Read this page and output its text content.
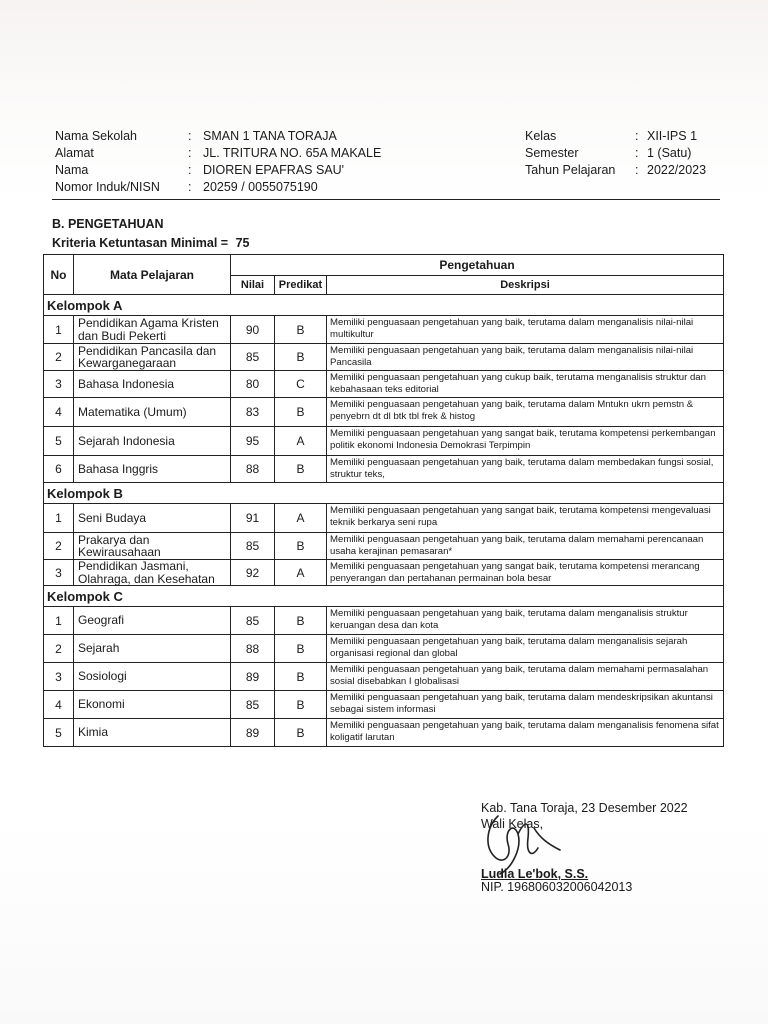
Nama Sekolah	: SMAN 1 TANA TORAJA	Kelas	: XII-IPS 1
Alamat	: JL. TRITURA NO. 65A MAKALE	Semester	: 1 (Satu)
Nama	: DIOREN EPAFRAS SAU'	Tahun Pelajaran : 2022/2023
Nomor Induk/NISN : 20259 / 0055075190
B. PENGETAHUAN
Kriteria Ketuntasan Minimal = 75
No	Mata Pelajaran	Pengetahuan		
		Nilai	Predikat	Deskripsi
Kelompok A				
1	Pendidikan Agama Kristen dan Budi Pekerti	90	B	Memiliki penguasaan pengetahuan yang baik, terutama dalam menganalisis nilai-nilai multikultur
2	Pendidikan Pancasila dan Kewarganegaraan	85	B	Memiliki penguasaan pengetahuan yang baik, terutama dalam menganalisis nilai-nilai Pancasila
3	Bahasa Indonesia	80	C	Memiliki penguasaan pengetahuan yang cukup baik, terutama menganalisis struktur dan kebahasaan teks editorial
4	Matematika (Umum)	83	B	Memiliki penguasaan pengetahuan yang baik, terutama dalam Mntukn ukrn pemstn & penyebrn dt dl btk tbl frek & histog
5	Sejarah Indonesia	95	A	Memiliki penguasaan pengetahuan yang sangat baik, terutama kompetensi perkembangan politik ekonomi Indonesia Demokrasi Terpimpin
6	Bahasa Inggris	88	B	Memiliki penguasaan pengetahuan yang baik, terutama dalam membedakan fungsi sosial, struktur teks,
Kelompok B				
1	Seni Budaya	91	A	Memiliki penguasaan pengetahuan yang sangat baik, terutama kompetensi mengevaluasi teknik berkarya seni rupa
2	Prakarya dan Kewirausahaan	85	B	Memiliki penguasaan pengetahuan yang baik, terutama dalam memahami perencanaan usaha kerajinan pemasaran*
3	Pendidikan Jasmani, Olahraga, dan Kesehatan	92	A	Memiliki penguasaan pengetahuan yang sangat baik, terutama kompetensi merancang penyerangan dan pertahanan permainan bola besar
Kelompok C				
1	Geografi	85	B	Memiliki penguasaan pengetahuan yang baik, terutama dalam menganalisis struktur keruangan desa dan kota
2	Sejarah	88	B	Memiliki penguasaan pengetahuan yang baik, terutama dalam menganalisis sejarah organisasi regional dan global
3	Sosiologi	89	B	Memiliki penguasaan pengetahuan yang baik, terutama dalam memahami permasalahan sosial disebabkan I globalisasi
4	Ekonomi	85	B	Memiliki penguasaan pengetahuan yang baik, terutama dalam mendeskripsikan akuntansi sebagai sistem informasi
5	Kimia	89	B	Memiliki penguasaan pengetahuan yang baik, terutama dalam menganalisis fenomena sifat koligatif larutan
Kab. Tana Toraja, 23 Desember 2022
Wali Kelas,
Ludia Le'bok, S.S.
NIP. 196806032006042013
